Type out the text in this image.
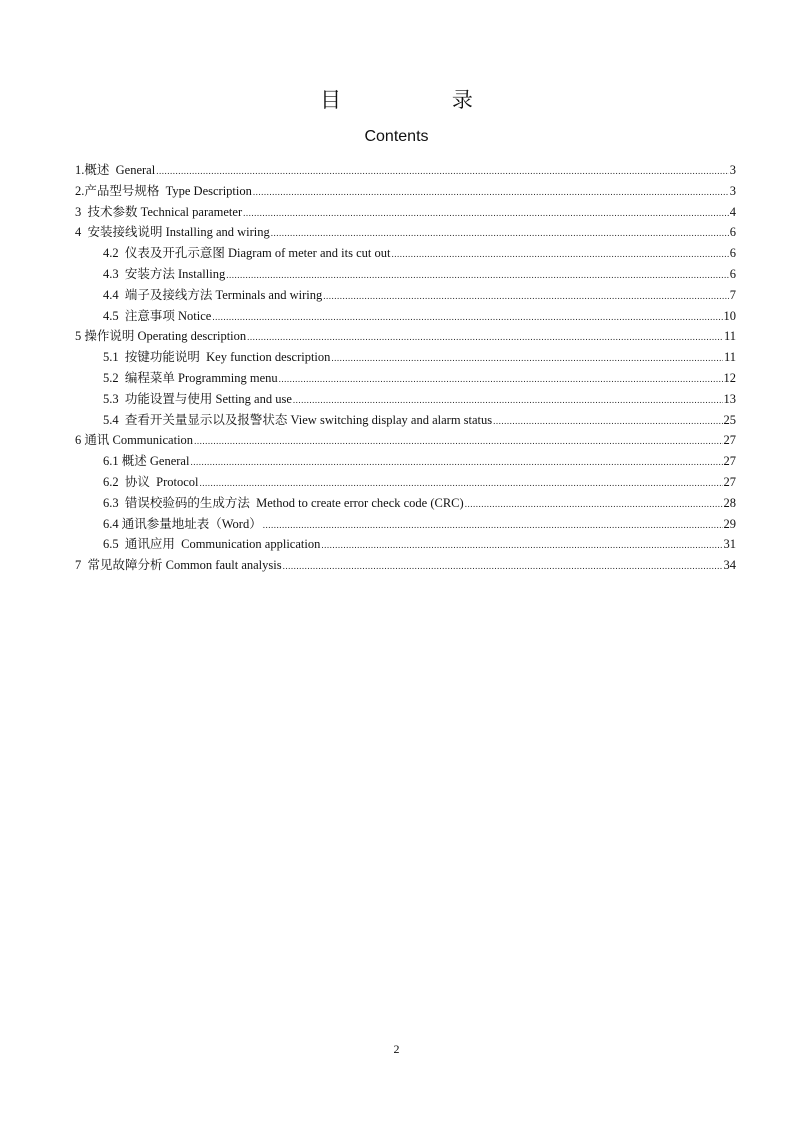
目 录
Contents
1.概述  General .....	3
2.产品型号规格  Type Description .....	3
3  技术参数 Technical parameter .....	4
4  安装接线说明 Installing and wiring .....	6
4.2  仪表及开孔示意图 Diagram of meter and its cut out .....	6
4.3  安装方法 Installing .....	6
4.4  端子及接线方法 Terminals and wiring .....	7
4.5  注意事项 Notice .....	10
5 操作说明 Operating description .....	11
5.1  按键功能说明  Key function description .....	11
5.2  编程菜单 Programming menu .....	12
5.3  功能设置与使用 Setting and use .....	13
5.4  查看开关量显示以及报警状态 View switching display and alarm status .....	25
6 通讯 Communication .....	27
6.1 概述 General .....	27
6.2  协议  Protocol .....	27
6.3  错误校验码的生成方法  Method to create error check code (CRC) .....	28
6.4 通讯参量地址表（Word） .....	29
6.5  通讯应用  Communication application .....	31
7  常见故障分析 Common fault analysis .....	34
2
